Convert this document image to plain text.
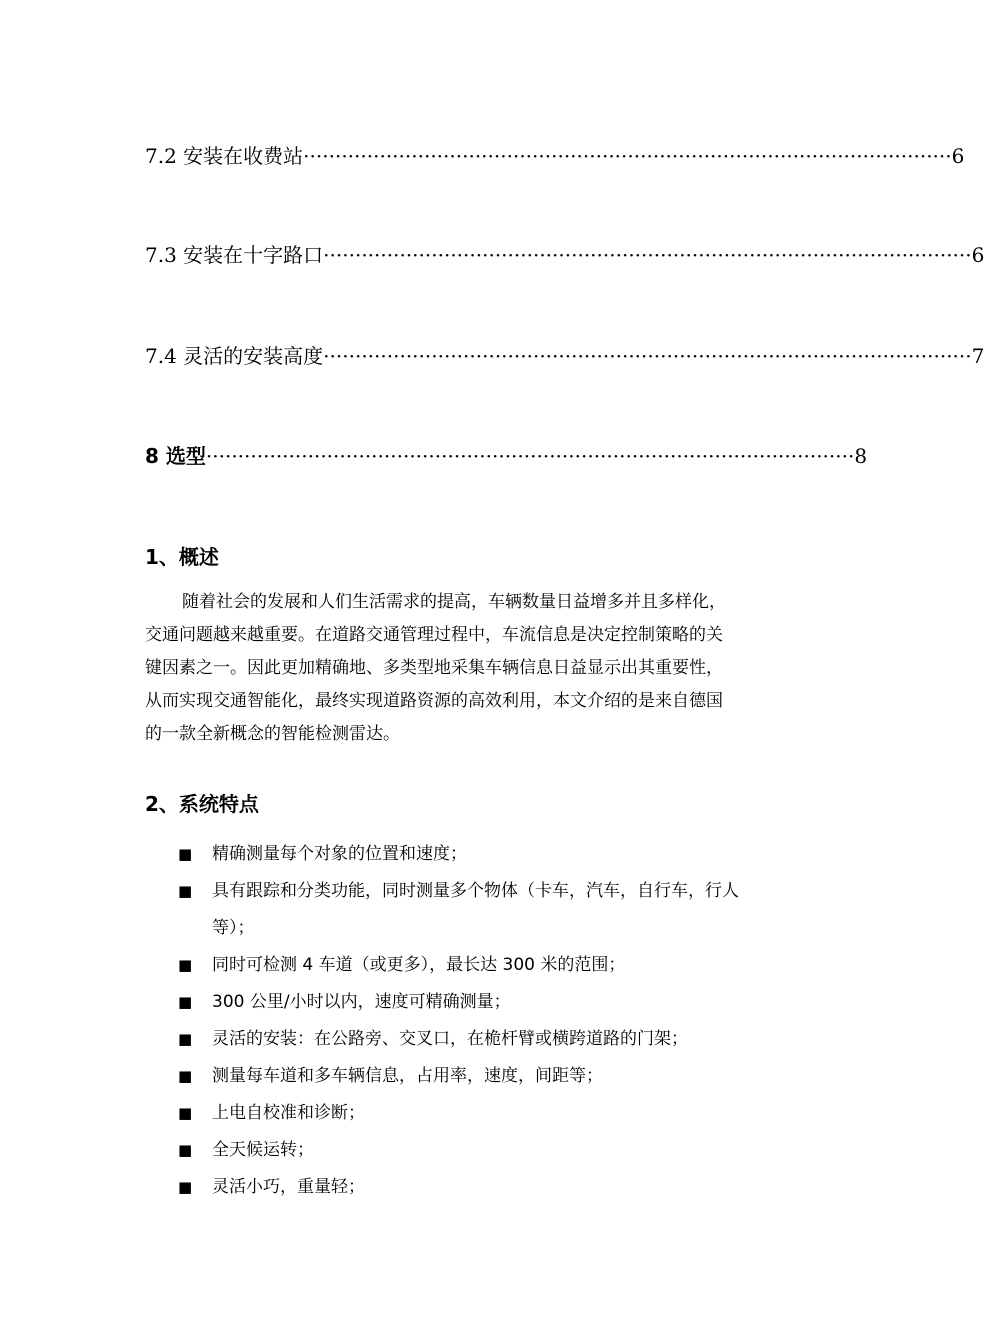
7.2 安装在收费站 ······································································································ 6
7.3 安装在十字路口 ······································································································ 6
7.4 灵活的安装高度 ······································································································ 7
8 选型 ······································································································ 8
1、概述
随着社会的发展和人们生活需求的提高，车辆数量日益增多并且多样化，
交通问题越来越重要。在道路交通管理过程中，车流信息是决定控制策略的关
键因素之一。因此更加精确地、多类型地采集车辆信息日益显示出其重要性，
从而实现交通智能化，最终实现道路资源的高效利用，本文介绍的是来自德国
的一款全新概念的智能检测雷达。
2、系统特点
■ 精确测量每个对象的位置和速度；
■ 具有跟踪和分类功能，同时测量多个物体（卡车，汽车，自行车，行人
等）；
■ 同时可检测 4 车道（或更多），最长达 300 米的范围；
■ 300 公里/小时以内，速度可精确测量；
■ 灵活的安装：在公路旁、交叉口，在桅杆臂或横跨道路的门架；
■ 测量每车道和多车辆信息，占用率，速度，间距等；
■ 上电自校准和诊断；
■ 全天候运转；
■ 灵活小巧，重量轻；
